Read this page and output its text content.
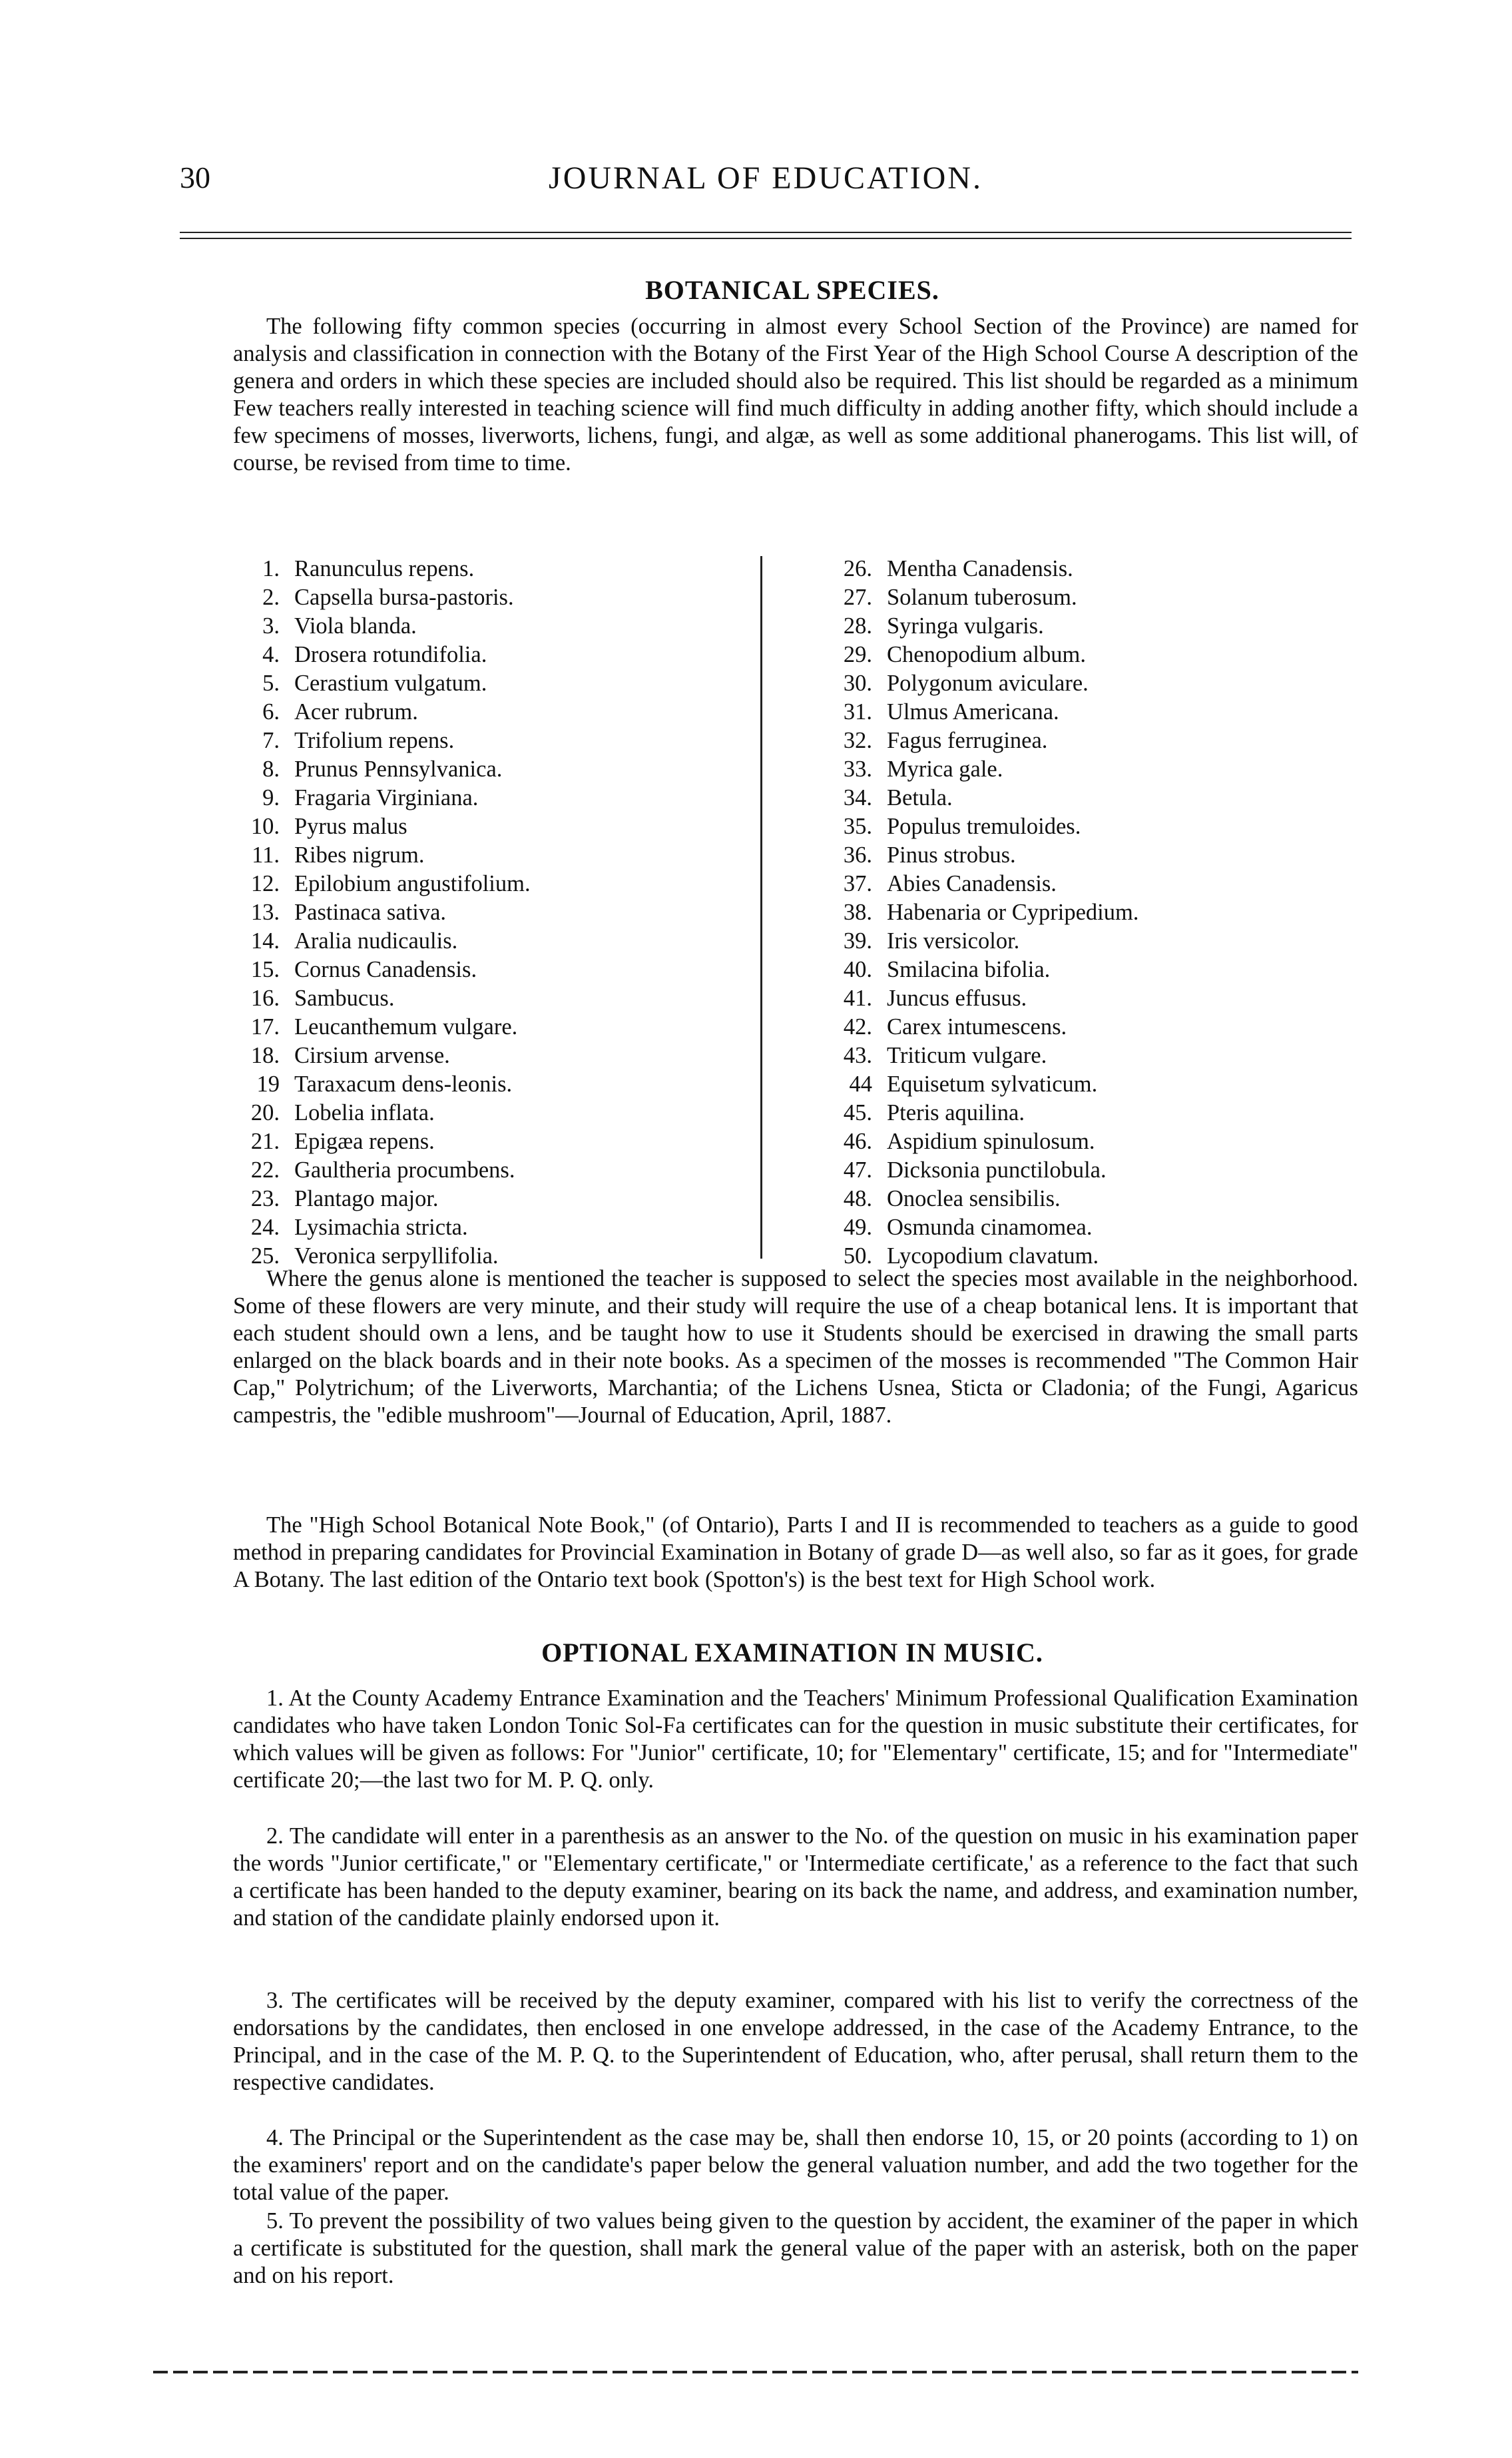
30	JOURNAL OF EDUCATION.
BOTANICAL SPECIES.

The following fifty common species (occurring in almost every School Section of the Province) are named for analysis and classification in connection with the Botany of the First Year of the High School Course A description of the genera and orders in which these species are included should also be required. This list should be regarded as a minimum Few teachers really interested in teaching science will find much difficulty in adding another fifty, which should include a few specimens of mosses, liverworts, lichens, fungi, and algæ, as well as some additional phanerogams. This list will, of course, be revised from time to time.

1. Ranunculus repens.
2. Capsella bursa-pastoris.
3. Viola blanda.
4. Drosera rotundifolia.
5. Cerastium vulgatum.
6. Acer rubrum.
7. Trifolium repens.
8. Prunus Pennsylvanica.
9. Fragaria Virginiana.
10. Pyrus malus
11. Ribes nigrum.
12. Epilobium angustifolium.
13. Pastinaca sativa.
14. Aralia nudicaulis.
15. Cornus Canadensis.
16. Sambucus.
17. Leucanthemum vulgare.
18. Cirsium arvense.
19 Taraxacum dens-leonis.
20. Lobelia inflata.
21. Epigæa repens.
22. Gaultheria procumbens.
23. Plantago major.
24. Lysimachia stricta.
25. Veronica serpyllifolia.
26. Mentha Canadensis.
27. Solanum tuberosum.
28. Syringa vulgaris.
29. Chenopodium album.
30. Polygonum aviculare.
31. Ulmus Americana.
32. Fagus ferruginea.
33. Myrica gale.
34. Betula.
35. Populus tremuloides.
36. Pinus strobus.
37. Abies Canadensis.
38. Habenaria or Cypripedium.
39. Iris versicolor.
40. Smilacina bifolia.
41. Juncus effusus.
42. Carex intumescens.
43. Triticum vulgare.
44 Equisetum sylvaticum.
45. Pteris aquilina.
46. Aspidium spinulosum.
47. Dicksonia punctilobula.
48. Onoclea sensibilis.
49. Osmunda cinamomea.
50. Lycopodium clavatum.

Where the genus alone is mentioned the teacher is supposed to select the species most available in the neighborhood. Some of these flowers are very minute, and their study will require the use of a cheap botanical lens. It is important that each student should own a lens, and be taught how to use it Students should be exercised in drawing the small parts enlarged on the black boards and in their note books. As a specimen of the mosses is recommended "The Common Hair Cap," Polytrichum; of the Liverworts, Marchantia; of the Lichens Usnea, Sticta or Cladonia; of the Fungi, Agaricus campestris, the "edible mushroom"—Journal of Education, April, 1887.

The "High School Botanical Note Book," (of Ontario), Parts I and II is recommended to teachers as a guide to good method in preparing candidates for Provincial Examination in Botany of grade D—as well also, so far as it goes, for grade A Botany. The last edition of the Ontario text book (Spotton's) is the best text for High School work.

OPTIONAL EXAMINATION IN MUSIC.

1. At the County Academy Entrance Examination and the Teachers' Minimum Professional Qualification Examination candidates who have taken London Tonic Sol-Fa certificates can for the question in music substitute their certificates, for which values will be given as follows: For "Junior" certificate, 10; for "Elementary" certificate, 15; and for "Intermediate" certificate 20;—the last two for M. P. Q. only.

2. The candidate will enter in a parenthesis as an answer to the No. of the question on music in his examination paper the words "Junior certificate," or "Elementary certificate," or 'Intermediate certificate,' as a reference to the fact that such a certificate has been handed to the deputy examiner, bearing on its back the name, and address, and examination number, and station of the candidate plainly endorsed upon it.

3. The certificates will be received by the deputy examiner, compared with his list to verify the correctness of the endorsations by the candidates, then enclosed in one envelope addressed, in the case of the Academy Entrance, to the Principal, and in the case of the M. P. Q. to the Superintendent of Education, who, after perusal, shall return them to the respective candidates.

4. The Principal or the Superintendent as the case may be, shall then endorse 10, 15, or 20 points (according to 1) on the examiners' report and on the candidate's paper below the general valuation number, and add the two together for the total value of the paper.

5. To prevent the possibility of two values being given to the question by accident, the examiner of the paper in which a certificate is substituted for the question, shall mark the general value of the paper with an asterisk, both on the paper and on his report.
